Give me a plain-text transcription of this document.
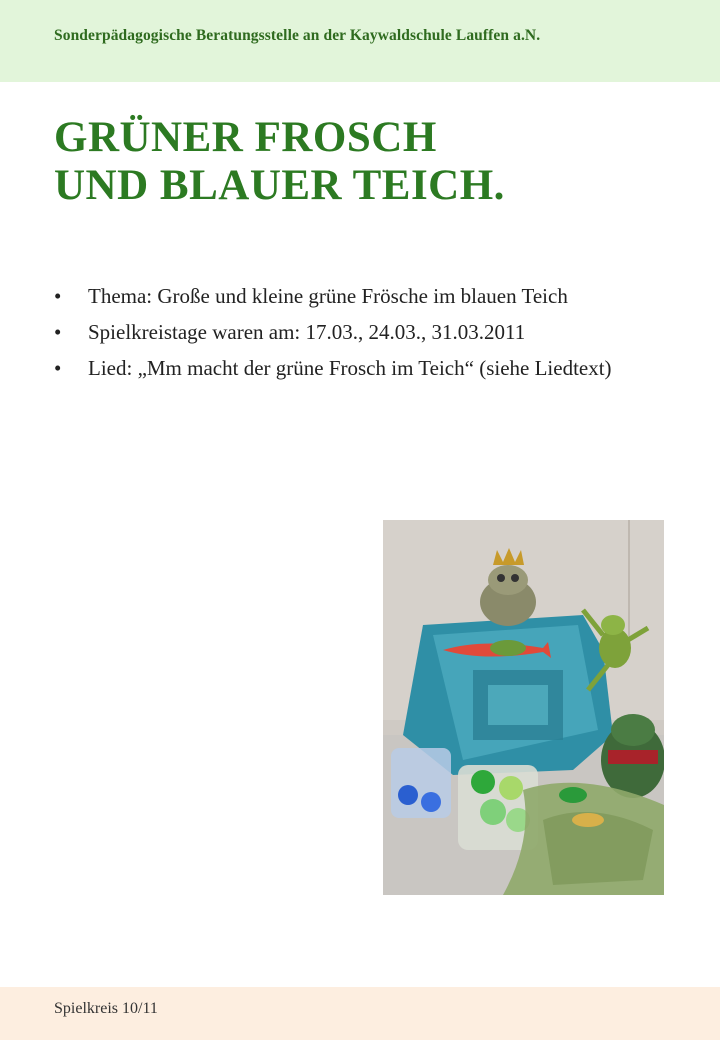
Sonderpädagogische Beratungsstelle an der Kaywaldschule Lauffen a.N.
GRÜNER FROSCH
UND BLAUER TEICH.
•	Thema: Große und kleine grüne Frösche im blauen Teich
•	Spielkreistage waren am: 17.03., 24.03., 31.03.2011
•	Lied: „Mm macht der grüne Frosch im Teich“ (siehe Liedtext)
Spielkreis 10/11
